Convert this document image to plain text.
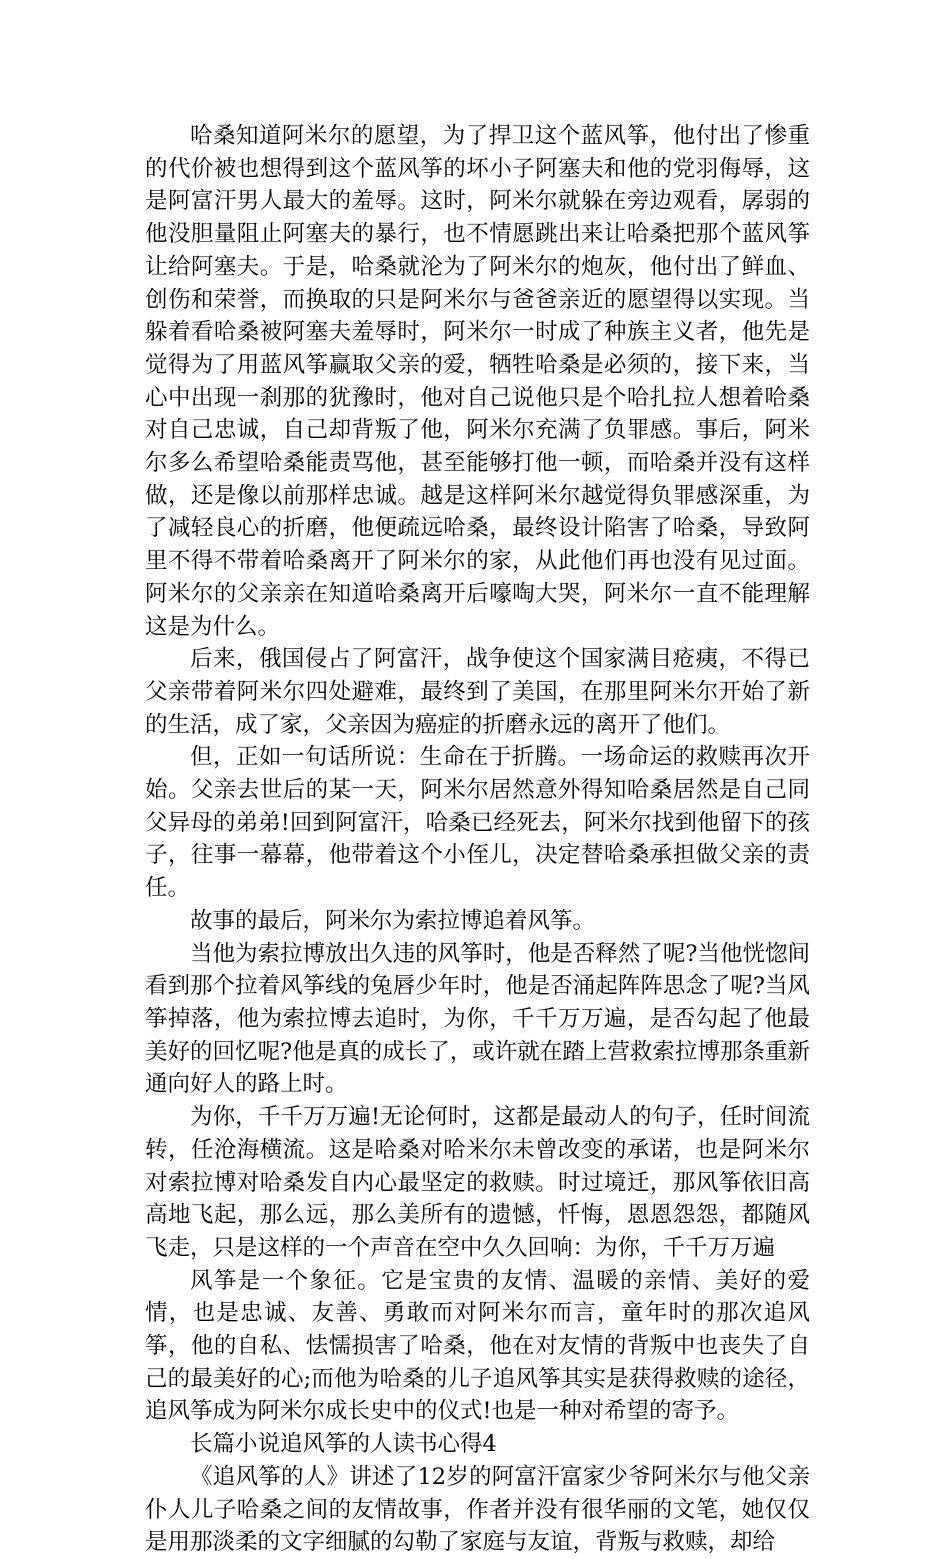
哈桑知道阿米尔的愿望，为了捍卫这个蓝风筝，他付出了惨重的代价被也想得到这个蓝风筝的坏小子阿塞夫和他的党羽侮辱，这是阿富汗男人最大的羞辱。这时，阿米尔就躲在旁边观看，孱弱的他没胆量阻止阿塞夫的暴行，也不情愿跳出来让哈桑把那个蓝风筝让给阿塞夫。于是，哈桑就沦为了阿米尔的炮灰，他付出了鲜血、创伤和荣誉，而换取的只是阿米尔与爸爸亲近的愿望得以实现。当躲着看哈桑被阿塞夫羞辱时，阿米尔一时成了种族主义者，他先是觉得为了用蓝风筝赢取父亲的爱，牺牲哈桑是必须的，接下来，当心中出现一刹那的犹豫时，他对自己说他只是个哈扎拉人想着哈桑对自己忠诚，自己却背叛了他，阿米尔充满了负罪感。事后，阿米尔多么希望哈桑能责骂他，甚至能够打他一顿，而哈桑并没有这样做，还是像以前那样忠诚。越是这样阿米尔越觉得负罪感深重，为了减轻良心的折磨，他便疏远哈桑，最终设计陷害了哈桑，导致阿里不得不带着哈桑离开了阿米尔的家，从此他们再也没有见过面。阿米尔的父亲亲在知道哈桑离开后嚎啕大哭，阿米尔一直不能理解这是为什么。

后来，俄国侵占了阿富汗，战争使这个国家满目疮痍，不得已父亲带着阿米尔四处避难，最终到了美国，在那里阿米尔开始了新的生活，成了家，父亲因为癌症的折磨永远的离开了他们。

但，正如一句话所说：生命在于折腾。一场命运的救赎再次开始。父亲去世后的某一天，阿米尔居然意外得知哈桑居然是自己同父异母的弟弟!回到阿富汗，哈桑已经死去，阿米尔找到他留下的孩子，往事一幕幕，他带着这个小侄儿，决定替哈桑承担做父亲的责任。

故事的最后，阿米尔为索拉博追着风筝。

当他为索拉博放出久违的风筝时，他是否释然了呢?当他恍惚间看到那个拉着风筝线的兔唇少年时，他是否涌起阵阵思念了呢?当风筝掉落，他为索拉博去追时，为你，千千万万遍，是否勾起了他最美好的回忆呢?他是真的成长了，或许就在踏上营救索拉博那条重新通向好人的路上时。

为你，千千万万遍!无论何时，这都是最动人的句子，任时间流转，任沧海横流。这是哈桑对哈米尔未曾改变的承诺，也是阿米尔对索拉博对哈桑发自内心最坚定的救赎。时过境迁，那风筝依旧高高地飞起，那么远，那么美所有的遗憾，忏悔，恩恩怨怨，都随风飞走，只是这样的一个声音在空中久久回响：为你，千千万万遍

风筝是一个象征。它是宝贵的友情、温暖的亲情、美好的爱情，也是忠诚、友善、勇敢而对阿米尔而言，童年时的那次追风筝，他的自私、怯懦损害了哈桑，他在对友情的背叛中也丧失了自己的最美好的心;而他为哈桑的儿子追风筝其实是获得救赎的途径，追风筝成为阿米尔成长史中的仪式!也是一种对希望的寄予。

长篇小说追风筝的人读书心得4

《追风筝的人》讲述了12岁的阿富汗富家少爷阿米尔与他父亲仆人儿子哈桑之间的友情故事，作者并没有很华丽的文笔，她仅仅是用那淡柔的文字细腻的勾勒了家庭与友谊，背叛与救赎，却给
